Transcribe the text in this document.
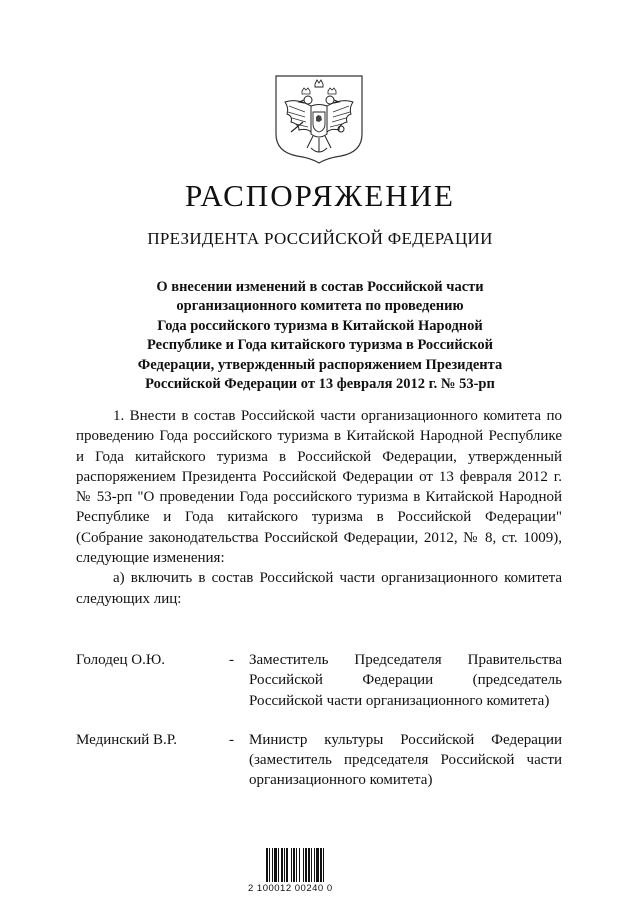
РАСПОРЯЖЕНИЕ
ПРЕЗИДЕНТА РОССИЙСКОЙ ФЕДЕРАЦИИ
О внесении изменений в состав Российской части
организационного комитета по проведению
Года российского туризма в Китайской Народной
Республике и Года китайского туризма в Российской
Федерации, утвержденный распоряжением Президента
Российской Федерации от 13 февраля 2012 г. № 53-рп

1. Внести в состав Российской части организационного комитета по проведению Года российского туризма в Китайской Народной Республике и Года китайского туризма в Российской Федерации, утвержденный распоряжением Президента Российской Федерации от 13 февраля 2012 г. № 53-рп "О проведении Года российского туризма в Китайской Народной Республике и Года китайского туризма в Российской Федерации" (Собрание законодательства Российской Федерации, 2012, № 8, ст. 1009), следующие изменения:

а) включить в состав Российской части организационного комитета следующих лиц:

Голодец О.Ю.	- Заместитель Председателя Правительства Российской Федерации (председатель Российской части организационного комитета)
Мединский В.Р.	- Министр культуры Российской Федерации (заместитель председателя Российской части организационного комитета)
2 100012 00240 0
